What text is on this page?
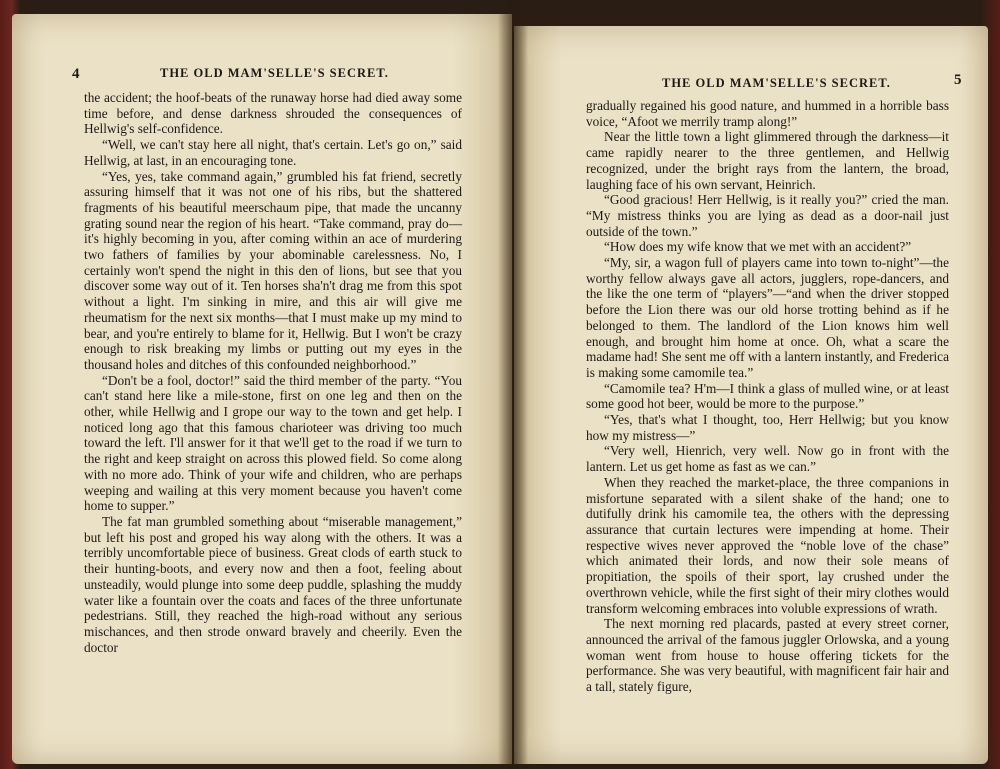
4	THE OLD MAM'SELLE'S SECRET.

the accident; the hoof-beats of the runaway horse had died away some time before, and dense darkness shrouded the consequences of Hellwig's self-confidence.

“Well, we can't stay here all night, that's certain. Let's go on,” said Hellwig, at last, in an encouraging tone.

“Yes, yes, take command again,” grumbled his fat friend, secretly assuring himself that it was not one of his ribs, but the shattered fragments of his beautiful meerschaum pipe, that made the uncanny grating sound near the region of his heart. “Take command, pray do—it's highly becoming in you, after coming within an ace of murdering two fathers of families by your abominable carelessness. No, I certainly won't spend the night in this den of lions, but see that you discover some way out of it. Ten horses sha'n't drag me from this spot without a light. I'm sinking in mire, and this air will give me rheumatism for the next six months—that I must make up my mind to bear, and you're entirely to blame for it, Hellwig. But I won't be crazy enough to risk breaking my limbs or putting out my eyes in the thousand holes and ditches of this confounded neighborhood.”

“Don't be a fool, doctor!” said the third member of the party. “You can't stand here like a mile-stone, first on one leg and then on the other, while Hellwig and I grope our way to the town and get help. I noticed long ago that this famous charioteer was driving too much toward the left. I'll answer for it that we'll get to the road if we turn to the right and keep straight on across this plowed field. So come along with no more ado. Think of your wife and children, who are perhaps weeping and wailing at this very moment because you haven't come home to supper.”

The fat man grumbled something about “miserable management,” but left his post and groped his way along with the others. It was a terribly uncomfortable piece of business. Great clods of earth stuck to their hunting-boots, and every now and then a foot, feeling about unsteadily, would plunge into some deep puddle, splashing the muddy water like a fountain over the coats and faces of the three unfortunate pedestrians. Still, they reached the high-road without any serious mischances, and then strode onward bravely and cheerily. Even the doctor

THE OLD MAM'SELLE'S SECRET.	5

gradually regained his good nature, and hummed in a horrible bass voice, “Afoot we merrily tramp along!”

Near the little town a light glimmered through the darkness—it came rapidly nearer to the three gentlemen, and Hellwig recognized, under the bright rays from the lantern, the broad, laughing face of his own servant, Heinrich.

“Good gracious! Herr Hellwig, is it really you?” cried the man. “My mistress thinks you are lying as dead as a door-nail just outside of the town.”

“How does my wife know that we met with an accident?”

“My, sir, a wagon full of players came into town to-night”—the worthy fellow always gave all actors, jugglers, rope-dancers, and the like the one term of “players”—“and when the driver stopped before the Lion there was our old horse trotting behind as if he belonged to them. The landlord of the Lion knows him well enough, and brought him home at once. Oh, what a scare the madame had! She sent me off with a lantern instantly, and Frederica is making some camomile tea.”

“Camomile tea? H'm—I think a glass of mulled wine, or at least some good hot beer, would be more to the purpose.”

“Yes, that's what I thought, too, Herr Hellwig; but you know how my mistress—”

“Very well, Hienrich, very well. Now go in front with the lantern. Let us get home as fast as we can.”

When they reached the market-place, the three companions in misfortune separated with a silent shake of the hand; one to dutifully drink his camomile tea, the others with the depressing assurance that curtain lectures were impending at home. Their respective wives never approved the “noble love of the chase” which animated their lords, and now their sole means of propitiation, the spoils of their sport, lay crushed under the overthrown vehicle, while the first sight of their miry clothes would transform welcoming embraces into voluble expressions of wrath.

The next morning red placards, pasted at every street corner, announced the arrival of the famous juggler Orlowska, and a young woman went from house to house offering tickets for the performance. She was very beautiful, with magnificent fair hair and a tall, stately figure,
